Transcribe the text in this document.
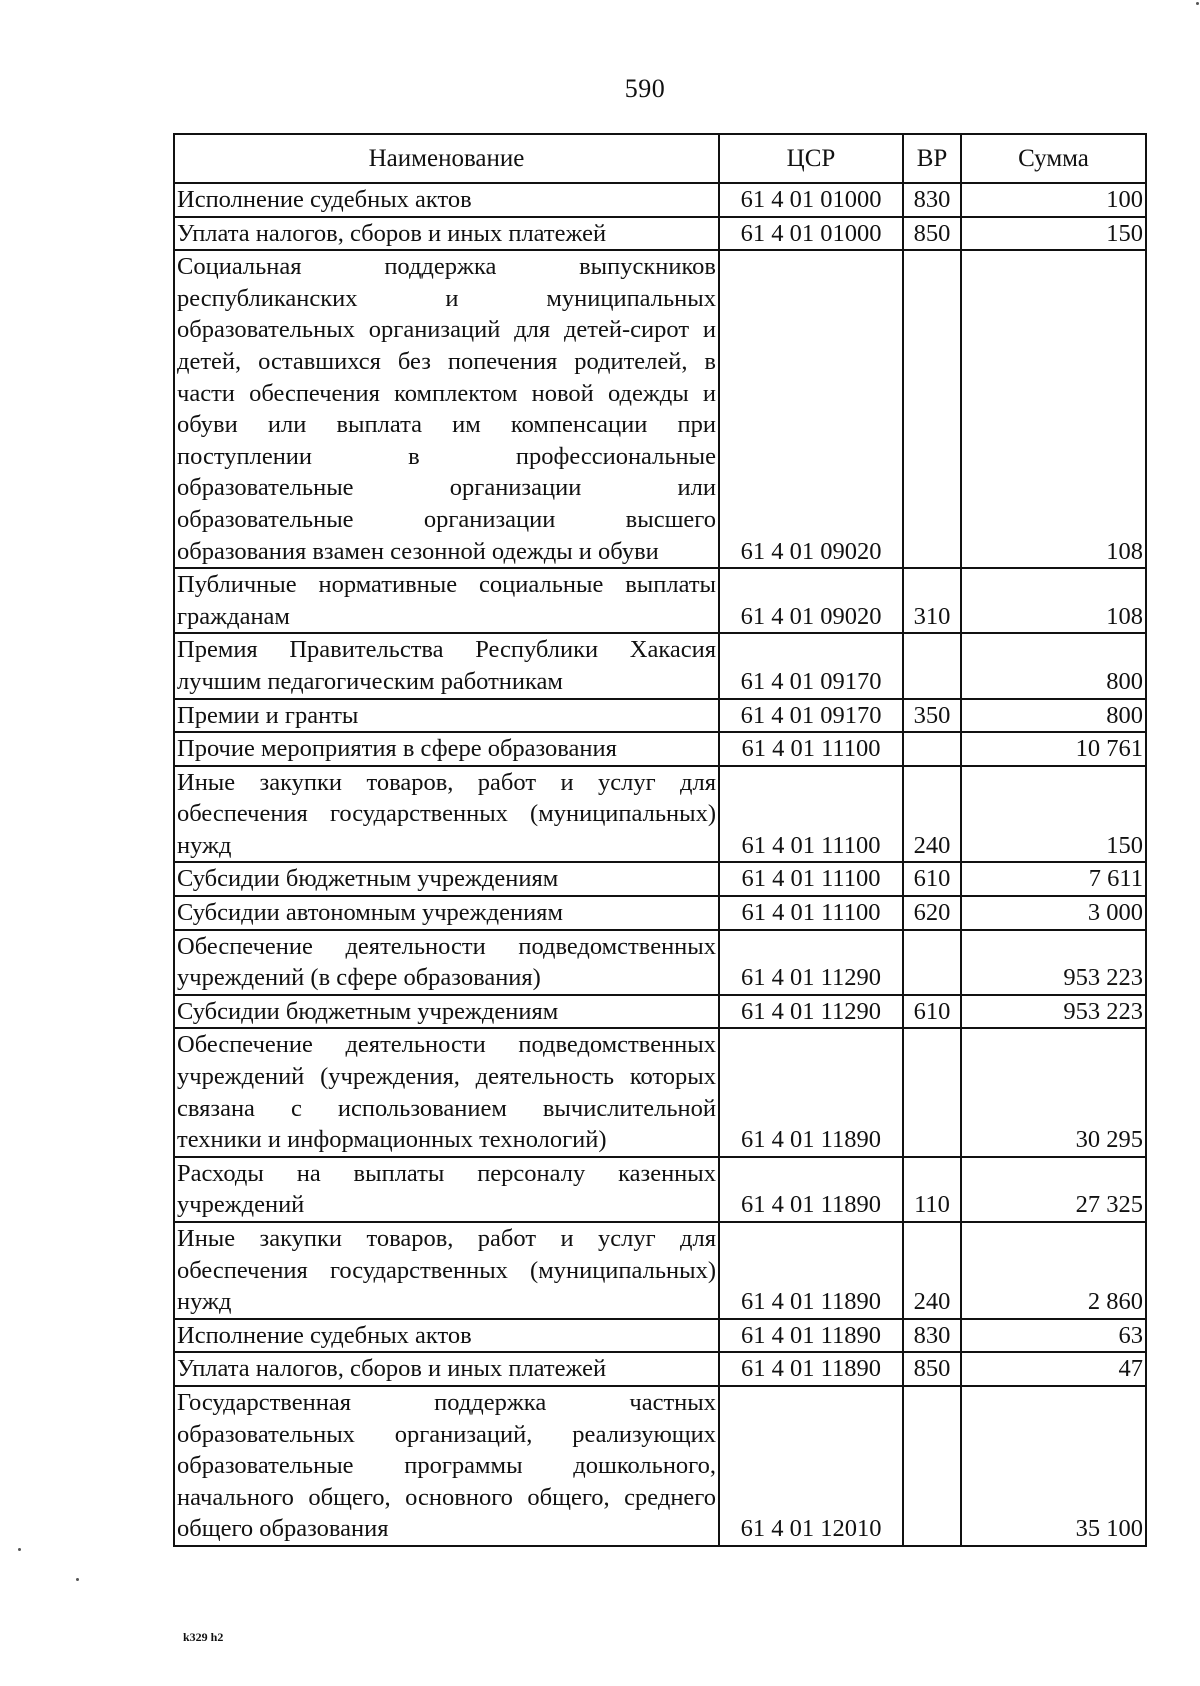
590
Наименование	ЦСР	ВР	Сумма
Исполнение судебных актов	61 4 01 01000	830	100
Уплата налогов, сборов и иных платежей	61 4 01 01000	850	150
Социальная поддержка выпускников республиканских и муниципальных образовательных организаций для детей-сирот и детей, оставшихся без попечения родителей, в части обеспечения комплектом новой одежды и обуви или выплата им компенсации при поступлении в профессиональные образовательные организации или образовательные организации высшего образования взамен сезонной одежды и обуви	61 4 01 09020		108
Публичные нормативные социальные выплаты гражданам	61 4 01 09020	310	108
Премия Правительства Республики Хакасия лучшим педагогическим работникам	61 4 01 09170		800
Премии и гранты	61 4 01 09170	350	800
Прочие мероприятия в сфере образования	61 4 01 11100		10 761
Иные закупки товаров, работ и услуг для обеспечения государственных (муниципальных) нужд	61 4 01 11100	240	150
Субсидии бюджетным учреждениям	61 4 01 11100	610	7 611
Субсидии автономным учреждениям	61 4 01 11100	620	3 000
Обеспечение деятельности подведомственных учреждений (в сфере образования)	61 4 01 11290		953 223
Субсидии бюджетным учреждениям	61 4 01 11290	610	953 223
Обеспечение деятельности подведомственных учреждений (учреждения, деятельность которых связана с использованием вычислительной техники и информационных технологий)	61 4 01 11890		30 295
Расходы на выплаты персоналу казенных учреждений	61 4 01 11890	110	27 325
Иные закупки товаров, работ и услуг для обеспечения государственных (муниципальных) нужд	61 4 01 11890	240	2 860
Исполнение судебных актов	61 4 01 11890	830	63
Уплата налогов, сборов и иных платежей	61 4 01 11890	850	47
Государственная поддержка частных образовательных организаций, реализующих образовательные программы дошкольного, начального общего, основного общего, среднего общего образования	61 4 01 12010		35 100
k329 h2
